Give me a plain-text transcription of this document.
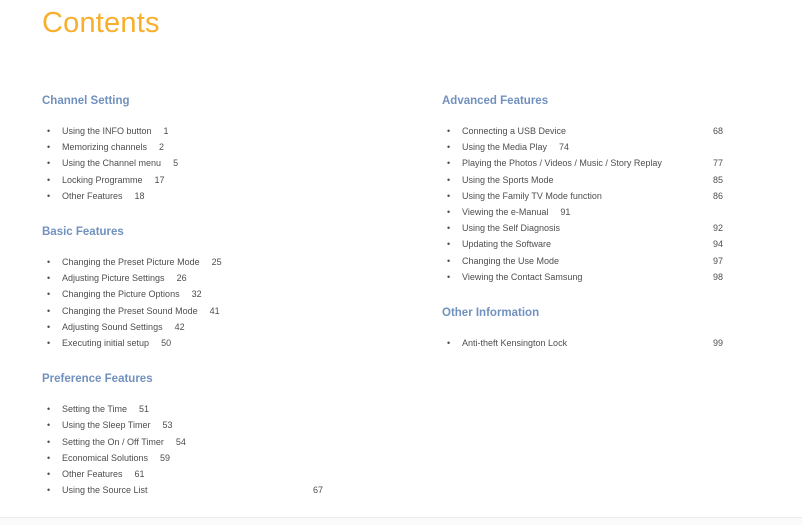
Contents
Channel Setting
•	Using the INFO button 1
•	Memorizing channels 2
•	Using the Channel menu 5
•	Locking Programme 17
•	Other Features 18
Basic Features
•	Changing the Preset Picture Mode 25
•	Adjusting Picture Settings 26
•	Changing the Picture Options 32
•	Changing the Preset Sound Mode 41
•	Adjusting Sound Settings 42
•	Executing initial setup 50
Preference Features
•	Setting the Time 51
•	Using the Sleep Timer 53
•	Setting the On / Off Timer 54
•	Economical Solutions 59
•	Other Features 61
•	Using the Source List	67
Advanced Features
•	Connecting a USB Device	68
•	Using the Media Play 74
•	Playing the Photos / Videos / Music / Story Replay	77
•	Using the Sports Mode	85
•	Using the Family TV Mode function	86
•	Viewing the e-Manual 91
•	Using the Self Diagnosis	92
•	Updating the Software	94
•	Changing the Use Mode	97
•	Viewing the Contact Samsung	98
Other Information
•	Anti-theft Kensington Lock	99
